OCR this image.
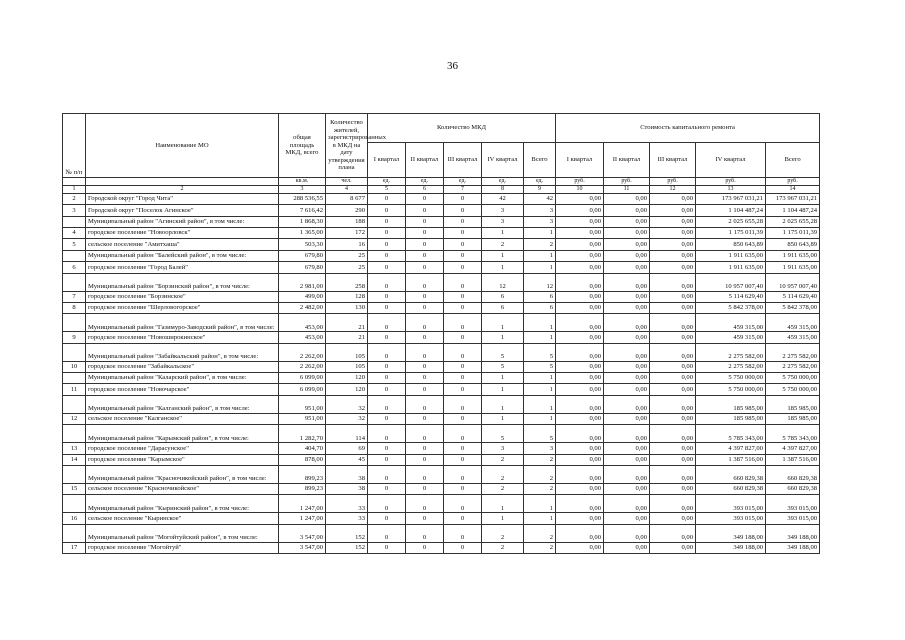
36
№ п/п	Наименование МО	общая площадь МКД, всего	Количество жителей, зарегистрированных в МКД на дату утверждения плана	Количество МКД					Стоимость капитального ремонта				
				I квартал	II квартал	III квартал	IV квартал	Всего	I квартал	II квартал	III квартал	IV квартал	Всего
		кв.м.	чел.	ед.	ед.	ед.	ед.	ед.	руб.	руб.	руб.	руб.	руб.
1	2	3	4	5	6	7	8	9	10	11	12	13	14
2	Городской округ "Город Чита"	288 536,55	8 677	0	0	0	42	42	0,00	0,00	0,00	173 967 031,21	173 967 031,21
3	Городской округ "Поселок Агинское"	7 616,42	290	0	0	0	3	3	0,00	0,00	0,00	1 104 487,24	1 104 487,24
	Муниципальный район "Агинский район", в том числе:	1 868,30	188	0	0	0	3	3	0,00	0,00	0,00	2 025 655,28	2 025 655,28
4	городское поселение "Новоорловск"	1 365,00	172	0	0	0	1	1	0,00	0,00	0,00	1 175 011,39	1 175 011,39
5	сельское поселение "Амитхаша"	503,30	16	0	0	0	2	2	0,00	0,00	0,00	850 643,89	850 643,89
	Муниципальный район "Балейский район", в том числе:	679,80	25	0	0	0	1	1	0,00	0,00	0,00	1 911 635,00	1 911 635,00
6	городское поселение "Город Балей"	679,80	25	0	0	0	1	1	0,00	0,00	0,00	1 911 635,00	1 911 635,00
	Муниципальный район "Борзинский район", в том числе:	2 981,00	258	0	0	0	12	12	0,00	0,00	0,00	10 957 007,40	10 957 007,40
7	городское поселение "Борзинское"	499,00	128	0	0	0	6	6	0,00	0,00	0,00	5 114 629,40	5 114 629,40
8	городское поселение "Шерловогорское"	2 482,00	130	0	0	0	6	6	0,00	0,00	0,00	5 842 378,00	5 842 378,00
	Муниципальный район "Газимуро-Заводский район", в том числе:	453,00	21	0	0	0	1	1	0,00	0,00	0,00	459 315,00	459 315,00
9	городское поселение "Новоширокинское"	453,00	21	0	0	0	1	1	0,00	0,00	0,00	459 315,00	459 315,00
	Муниципальный район "Забайкальский район", в том числе:	2 262,00	105	0	0	0	5	5	0,00	0,00	0,00	2 275 582,00	2 275 582,00
10	городское поселение "Забайкальское"	2 262,00	105	0	0	0	5	5	0,00	0,00	0,00	2 275 582,00	2 275 582,00
	Муниципальный район "Каларский район", в том числе:	6 099,00	120	0	0	0	1	1	0,00	0,00	0,00	5 750 000,00	5 750 000,00
11	городское поселение "Новочарское"	6 099,00	120	0	0	0	1	1	0,00	0,00	0,00	5 750 000,00	5 750 000,00
	Муниципальный район "Калганский район", в том числе:	951,00	32	0	0	0	1	1	0,00	0,00	0,00	185 985,00	185 985,00
12	сельское поселение "Калганское"	951,00	32	0	0	0	1	1	0,00	0,00	0,00	185 985,00	185 985,00
	Муниципальный район "Карымский район", в том числе:	1 282,70	114	0	0	0	5	5	0,00	0,00	0,00	5 785 343,00	5 785 343,00
13	городское поселение "Дарасунское"	404,70	69	0	0	0	3	3	0,00	0,00	0,00	4 397 827,00	4 397 827,00
14	городское поселение "Карымское"	878,00	45	0	0	0	2	2	0,00	0,00	0,00	1 387 516,00	1 387 516,00
	Муниципальный район "Красночикойский район", в том числе:	899,23	38	0	0	0	2	2	0,00	0,00	0,00	660 829,38	660 829,38
15	сельское поселение "Красночикойское"	899,23	38	0	0	0	2	2	0,00	0,00	0,00	660 829,38	660 829,38
	Муниципальный район "Кыринский район", в том числе:	1 247,00	33	0	0	0	1	1	0,00	0,00	0,00	393 015,00	393 015,00
16	сельское поселение "Кыринское"	1 247,00	33	0	0	0	1	1	0,00	0,00	0,00	393 015,00	393 015,00
	Муниципальный район "Могойтуйский район", в том числе:	3 547,00	152	0	0	0	2	2	0,00	0,00	0,00	349 188,00	349 188,00
17	городское поселение "Могойтуй"	3 547,00	152	0	0	0	2	2	0,00	0,00	0,00	349 188,00	349 188,00
